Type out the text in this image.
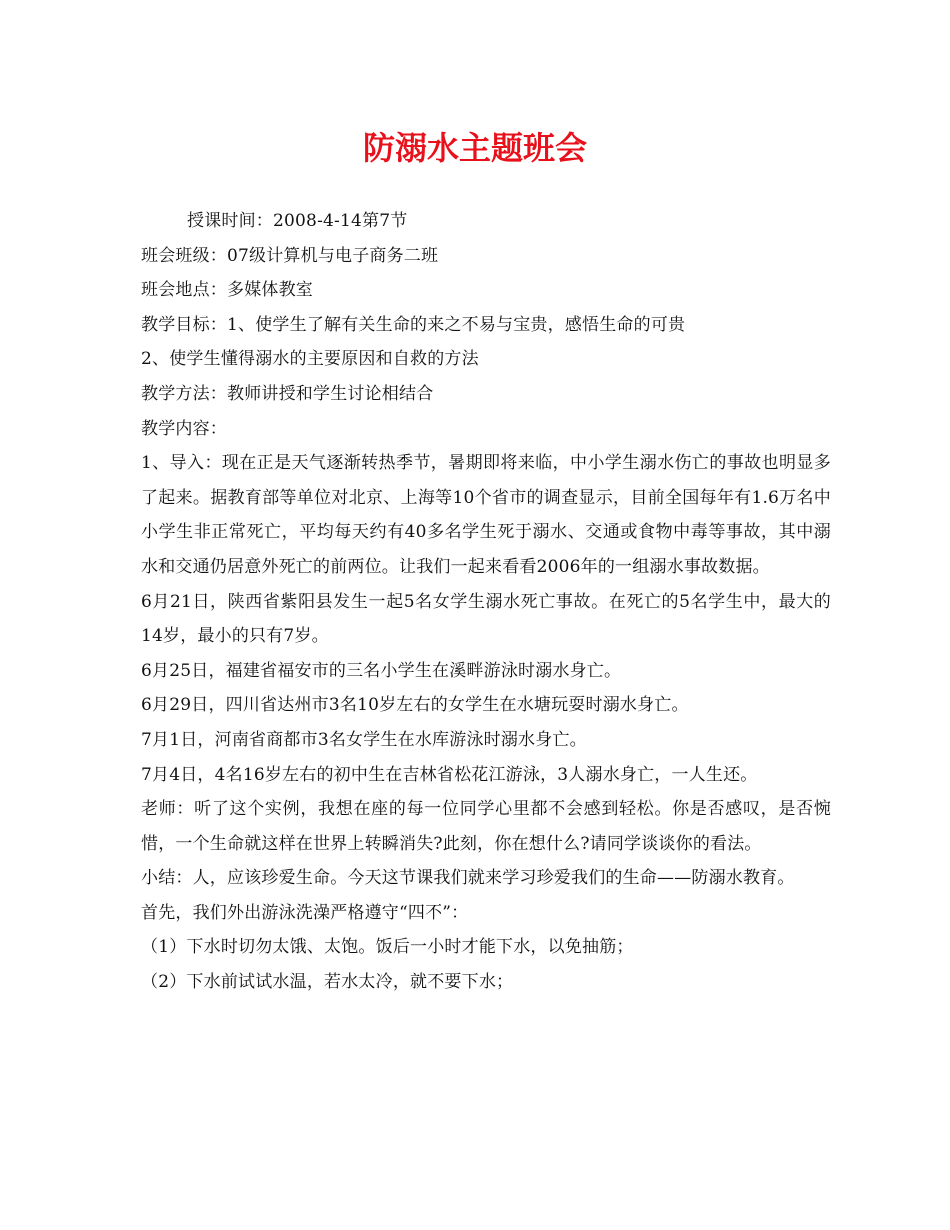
防溺水主题班会

授课时间：2008-4-14第7节

班会班级：07级计算机与电子商务二班

班会地点：多媒体教室

教学目标：1、使学生了解有关生命的来之不易与宝贵，感悟生命的可贵

2、使学生懂得溺水的主要原因和自救的方法

教学方法：教师讲授和学生讨论相结合

教学内容：

1、导入：现在正是天气逐渐转热季节，暑期即将来临，中小学生溺水伤亡的事故也明显多了起来。据教育部等单位对北京、上海等10个省市的调查显示，目前全国每年有1.6万名中小学生非正常死亡，平均每天约有40多名学生死于溺水、交通或食物中毒等事故，其中溺水和交通仍居意外死亡的前两位。让我们一起来看看2006年的一组溺水事故数据。

6月21日，陕西省紫阳县发生一起5名女学生溺水死亡事故。在死亡的5名学生中，最大的14岁，最小的只有7岁。

6月25日，福建省福安市的三名小学生在溪畔游泳时溺水身亡。

6月29日，四川省达州市3名10岁左右的女学生在水塘玩耍时溺水身亡。

7月1日，河南省商都市3名女学生在水库游泳时溺水身亡。

7月4日，4名16岁左右的初中生在吉林省松花江游泳，3人溺水身亡，一人生还。

老师：听了这个实例，我想在座的每一位同学心里都不会感到轻松。你是否感叹，是否惋惜，一个生命就这样在世界上转瞬消失?此刻，你在想什么?请同学谈谈你的看法。

小结：人，应该珍爱生命。今天这节课我们就来学习珍爱我们的生命——防溺水教育。

首先，我们外出游泳洗澡严格遵守“四不”：

（1）下水时切勿太饿、太饱。饭后一小时才能下水，以免抽筋；

（2）下水前试试水温，若水太冷，就不要下水；
